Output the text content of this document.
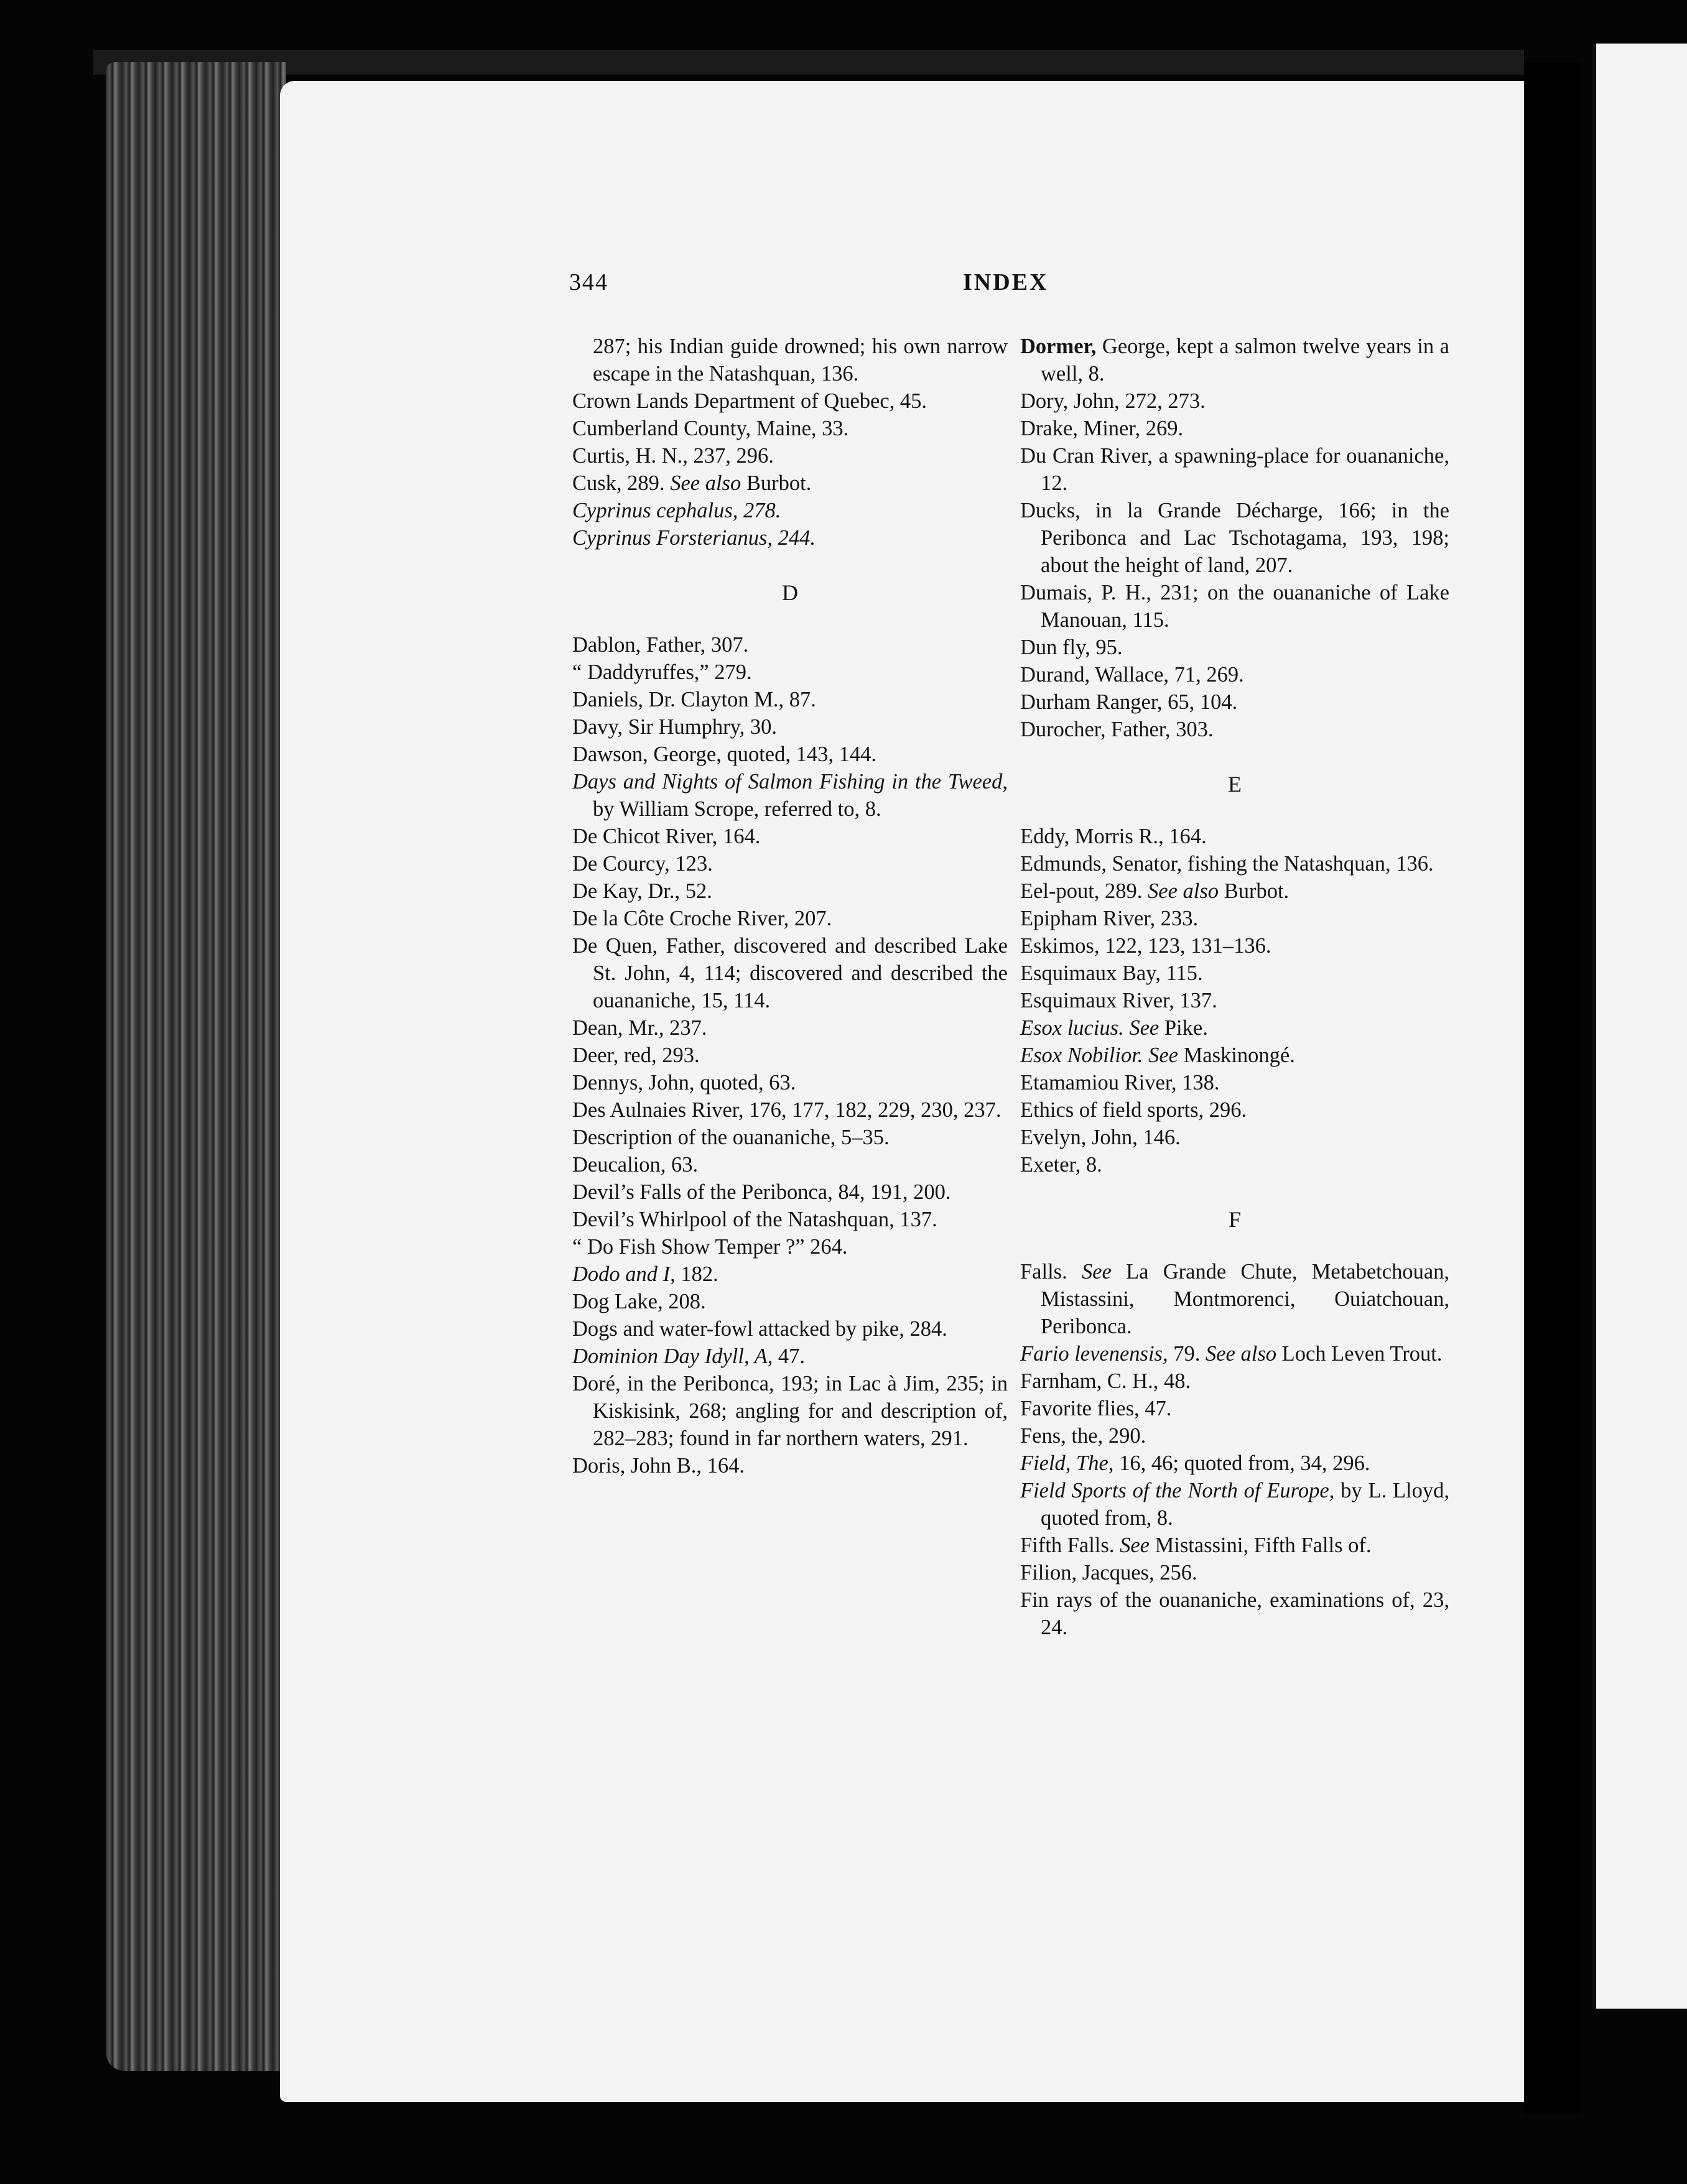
344	INDEX

287; his Indian guide drowned; his own narrow escape in the Natashquan, 136.

Crown Lands Department of Quebec, 45.

Cumberland County, Maine, 33.

Curtis, H. N., 237, 296.

Cusk, 289. See also Burbot.

Cyprinus cephalus, 278.

Cyprinus Forsterianus, 244.

D

Dablon, Father, 307.

“ Daddyruffes,” 279.

Daniels, Dr. Clayton M., 87.

Davy, Sir Humphry, 30.

Dawson, George, quoted, 143, 144.

Days and Nights of Salmon Fishing in the Tweed, by William Scrope, referred to, 8.

De Chicot River, 164.

De Courcy, 123.

De Kay, Dr., 52.

De la Côte Croche River, 207.

De Quen, Father, discovered and described Lake St. John, 4, 114; discovered and described the ouananiche, 15, 114.

Dean, Mr., 237.

Deer, red, 293.

Dennys, John, quoted, 63.

Des Aulnaies River, 176, 177, 182, 229, 230, 237.

Description of the ouananiche, 5–35.

Deucalion, 63.

Devil’s Falls of the Peribonca, 84, 191, 200.

Devil’s Whirlpool of the Natashquan, 137.

“ Do Fish Show Temper ?” 264.

Dodo and I, 182.

Dog Lake, 208.

Dogs and water-fowl attacked by pike, 284.

Dominion Day Idyll, A, 47.

Doré, in the Peribonca, 193; in Lac à Jim, 235; in Kiskisink, 268; angling for and description of, 282–283; found in far northern waters, 291.

Doris, John B., 164.

Dormer, George, kept a salmon twelve years in a well, 8.

Dory, John, 272, 273.

Drake, Miner, 269.

Du Cran River, a spawning-place for ouananiche, 12.

Ducks, in la Grande Décharge, 166; in the Peribonca and Lac Tschotagama, 193, 198; about the height of land, 207.

Dumais, P. H., 231; on the ouananiche of Lake Manouan, 115.

Dun fly, 95.

Durand, Wallace, 71, 269.

Durham Ranger, 65, 104.

Durocher, Father, 303.

E

Eddy, Morris R., 164.

Edmunds, Senator, fishing the Natashquan, 136.

Eel-pout, 289. See also Burbot.

Epipham River, 233.

Eskimos, 122, 123, 131–136.

Esquimaux Bay, 115.

Esquimaux River, 137.

Esox lucius. See Pike.

Esox Nobilior. See Maskinongé.

Etamamiou River, 138.

Ethics of field sports, 296.

Evelyn, John, 146.

Exeter, 8.

F

Falls. See La Grande Chute, Metabetchouan, Mistassini, Montmorenci, Ouiatchouan, Peribonca.

Fario levenensis, 79. See also Loch Leven Trout.

Farnham, C. H., 48.

Favorite flies, 47.

Fens, the, 290.

Field, The, 16, 46; quoted from, 34, 296.

Field Sports of the North of Europe, by L. Lloyd, quoted from, 8.

Fifth Falls. See Mistassini, Fifth Falls of.

Filion, Jacques, 256.

Fin rays of the ouananiche, examinations of, 23, 24.
